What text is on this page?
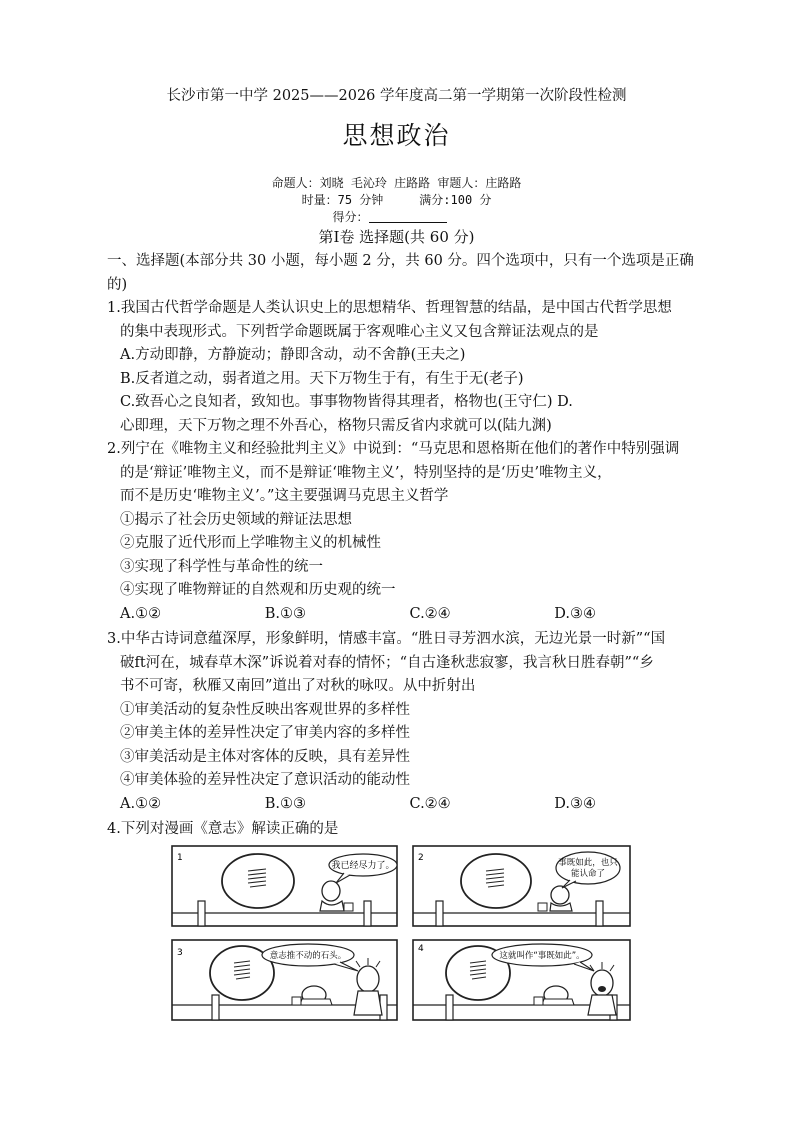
长沙市第一中学 2025——2026 学年度高二第一学期第一次阶段性检测
思想政治
命题人：刘晓 毛沁玲 庄路路 审题人：庄路路
时量：75 分钟	满分:100 分
得分：
第Ⅰ卷 选择题(共 60 分)
一、选择题(本部分共 30 小题，每小题 2 分，共 60 分。四个选项中，只有一个选项是正确
的)
1.我国古代哲学命题是人类认识史上的思想精华、哲理智慧的结晶，是中国古代哲学思想
的集中表现形式。下列哲学命题既属于客观唯心主义又包含辩证法观点的是
A.方动即静，方静旋动；静即含动，动不舍静(王夫之)
B.反者道之动，弱者道之用。天下万物生于有，有生于无(老子)
C.致吾心之良知者，致知也。事事物物皆得其理者，格物也(王守仁) D.
心即理，天下万物之理不外吾心，格物只需反省内求就可以(陆九渊)
2.列宁在《唯物主义和经验批判主义》中说到：“马克思和恩格斯在他们的著作中特别强调
的是‘辩证’唯物主义，而不是辩证‘唯物主义’，特别坚持的是‘历史’唯物主义，
而不是历史‘唯物主义’。”这主要强调马克思主义哲学
①揭示了社会历史领域的辩证法思想
②克服了近代形而上学唯物主义的机械性
③实现了科学性与革命性的统一
④实现了唯物辩证的自然观和历史观的统一
A.①②	B.①③	C.②④	D.③④
3.中华古诗词意蕴深厚，形象鲜明，情感丰富。“胜日寻芳泗水滨，无边光景一时新”“国
破ft河在，城春草木深”诉说着对春的情怀；“自古逢秋悲寂寥，我言秋日胜春朝”“乡
书不可寄，秋雁又南回”道出了对秋的咏叹。从中折射出
①审美活动的复杂性反映出客观世界的多样性
②审美主体的差异性决定了审美内容的多样性
③审美活动是主体对客体的反映，具有差异性
④审美体验的差异性决定了意识活动的能动性
A.①②	B.①③	C.②④	D.③④
4.下列对漫画《意志》解读正确的是
1
我已经尽力了。
2	事既如此，也只
能认命了
3	意志推不动的石头。
4
这就叫作“事既如此”。
